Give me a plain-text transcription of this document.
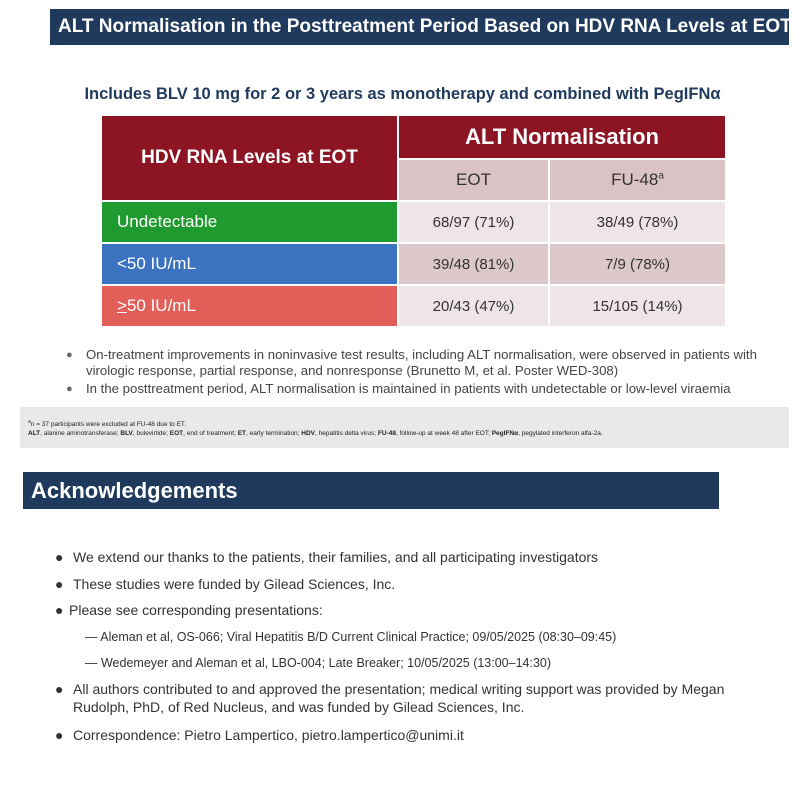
ALT Normalisation in the Posttreatment Period Based on HDV RNA Levels at EOT
Includes BLV 10 mg for 2 or 3 years as monotherapy and combined with PegIFNα
HDV RNA Levels at EOT	ALT Normalisation	
	EOT	FU-48$^a$
Undetectable	68/97 (71%)	38/49 (78%)
<50 IU/mL	39/48 (81%)	7/9 (78%)
≥50 IU/mL	20/43 (47%)	15/105 (14%)
● On-treatment improvements in noninvasive test results, including ALT normalisation, were observed in patients with virologic response, partial response, and nonresponse (Brunetto M, et al. Poster WED-308)
● In the posttreatment period, ALT normalisation is maintained in patients with undetectable or low-level viraemia
$^a$n = 37 participants were excluded at FU-48 due to ET.
ALT, alanine aminotransferase; BLV, bulevirtide; EOT, end of treatment; ET, early termination; HDV, hepatitis delta virus; FU-48, follow-up at week 48 after EOT; PegIFNα, pegylated interferon alfa-2a.
Acknowledgements
● We extend our thanks to the patients, their families, and all participating investigators
● These studies were funded by Gilead Sciences, Inc.
● Please see corresponding presentations:
— Aleman et al, OS-066; Viral Hepatitis B/D Current Clinical Practice; 09/05/2025 (08:30–09:45)
— Wedemeyer and Aleman et al, LBO-004; Late Breaker; 10/05/2025 (13:00–14:30)
● All authors contributed to and approved the presentation; medical writing support was provided by Megan Rudolph, PhD, of Red Nucleus, and was funded by Gilead Sciences, Inc.
● Correspondence: Pietro Lampertico, pietro.lampertico@unimi.it
